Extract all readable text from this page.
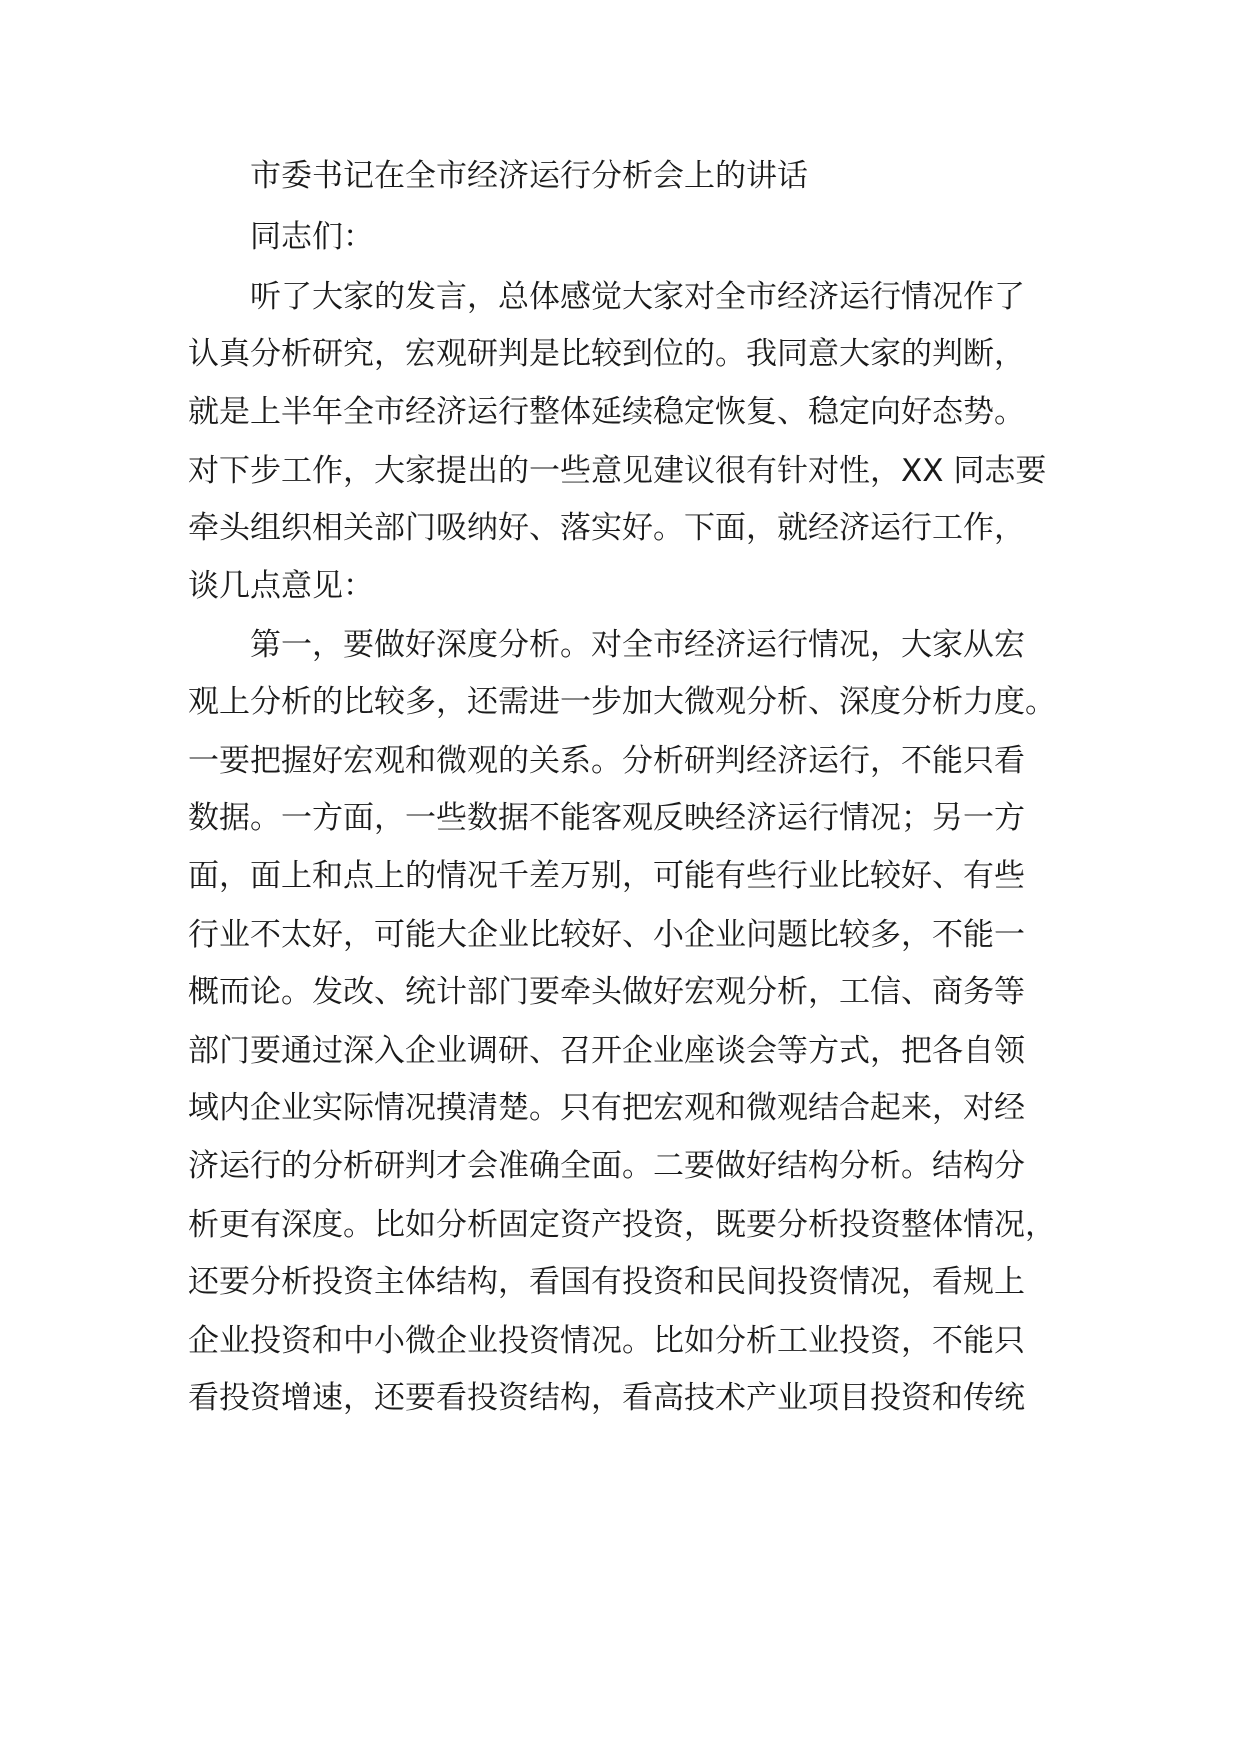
市委书记在全市经济运行分析会上的讲话
同志们：
听了大家的发言，总体感觉大家对全市经济运行情况作了
认真分析研究，宏观研判是比较到位的。我同意大家的判断，
就是上半年全市经济运行整体延续稳定恢复、稳定向好态势。
对下步工作，大家提出的一些意见建议很有针对性，XX 同志要
牵头组织相关部门吸纳好、落实好。下面，就经济运行工作，
谈几点意见：
第一，要做好深度分析。对全市经济运行情况，大家从宏
观上分析的比较多，还需进一步加大微观分析、深度分析力度。
一要把握好宏观和微观的关系。分析研判经济运行，不能只看
数据。一方面，一些数据不能客观反映经济运行情况；另一方
面，面上和点上的情况千差万别，可能有些行业比较好、有些
行业不太好，可能大企业比较好、小企业问题比较多，不能一
概而论。发改、统计部门要牵头做好宏观分析，工信、商务等
部门要通过深入企业调研、召开企业座谈会等方式，把各自领
域内企业实际情况摸清楚。只有把宏观和微观结合起来，对经
济运行的分析研判才会准确全面。二要做好结构分析。结构分
析更有深度。比如分析固定资产投资，既要分析投资整体情况，
还要分析投资主体结构，看国有投资和民间投资情况，看规上
企业投资和中小微企业投资情况。比如分析工业投资，不能只
看投资增速，还要看投资结构，看高技术产业项目投资和传统
